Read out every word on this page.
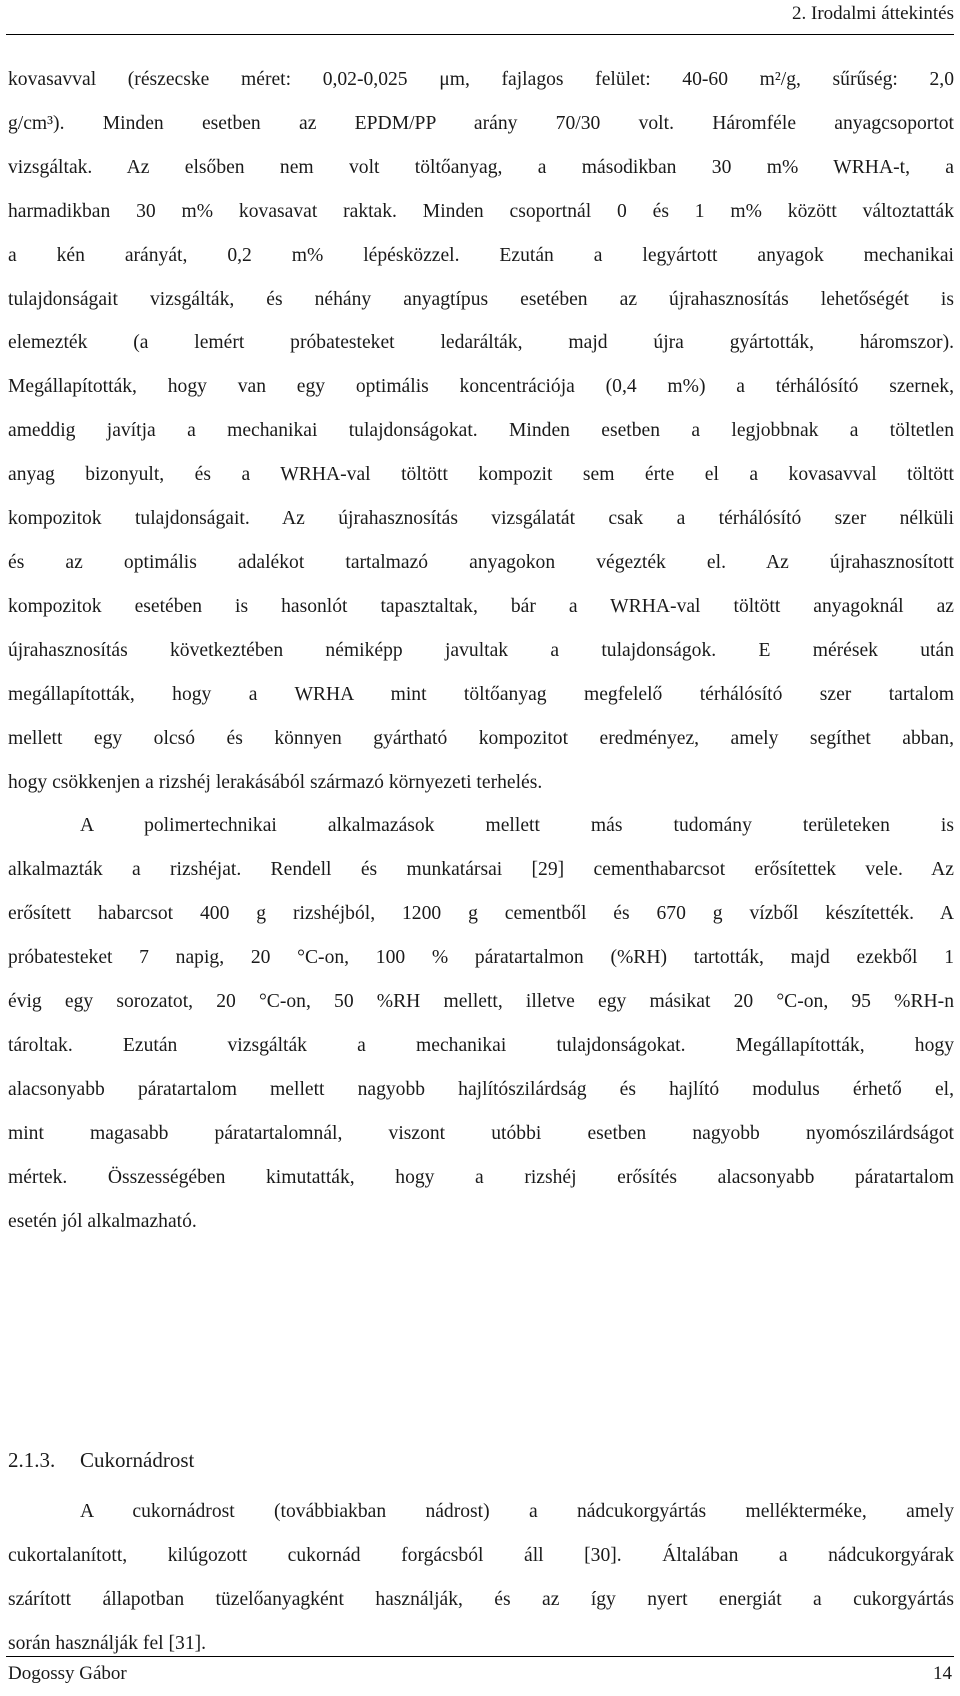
2. Irodalmi áttekintés

kovasavval (részecske méret: 0,02-0,025 μm, fajlagos felület: 40-60 m²/g, sűrűség: 2,0
g/cm³). Minden esetben az EPDM/PP arány 70/30 volt. Háromféle anyagcsoportot
vizsgáltak. Az elsőben nem volt töltőanyag, a másodikban 30 m% WRHA-t, a
harmadikban 30 m% kovasavat raktak. Minden csoportnál 0 és 1 m% között változtatták
a kén arányát, 0,2 m% lépésközzel. Ezután a legyártott anyagok mechanikai
tulajdonságait vizsgálták, és néhány anyagtípus esetében az újrahasznosítás lehetőségét is
elemezték (a lemért próbatesteket ledarálták, majd újra gyártották, háromszor).
Megállapították, hogy van egy optimális koncentrációja (0,4 m%) a térhálósító szernek,
ameddig javítja a mechanikai tulajdonságokat. Minden esetben a legjobbnak a töltetlen
anyag bizonyult, és a WRHA-val töltött kompozit sem érte el a kovasavval töltött
kompozitok tulajdonságait. Az újrahasznosítás vizsgálatát csak a térhálósító szer nélküli
és az optimális adalékot tartalmazó anyagokon végezték el. Az újrahasznosított
kompozitok esetében is hasonlót tapasztaltak, bár a WRHA-val töltött anyagoknál az
újrahasznosítás következtében némiképp javultak a tulajdonságok. E mérések után
megállapították, hogy a WRHA mint töltőanyag megfelelő térhálósító szer tartalom
mellett egy olcsó és könnyen gyártható kompozitot eredményez, amely segíthet abban,
hogy csökkenjen a rizshéj lerakásából származó környezeti terhelés.

A polimertechnikai alkalmazások mellett más tudomány területeken is
alkalmazták a rizshéjat. Rendell és munkatársai [29] cementhabarcsot erősítettek vele. Az
erősített habarcsot 400 g rizshéjból, 1200 g cementből és 670 g vízből készítették. A
próbatesteket 7 napig, 20 °C-on, 100 % páratartalmon (%RH) tartották, majd ezekből 1
évig egy sorozatot, 20 °C-on, 50 %RH mellett, illetve egy másikat 20 °C-on, 95 %RH-n
tároltak. Ezután vizsgálták a mechanikai tulajdonságokat. Megállapították, hogy
alacsonyabb páratartalom mellett nagyobb hajlítószilárdság és hajlító modulus érhető el,
mint magasabb páratartalomnál, viszont utóbbi esetben nagyobb nyomószilárdságot
mértek. Összességében kimutatták, hogy a rizshéj erősítés alacsonyabb páratartalom
esetén jól alkalmazható.

2.1.3. Cukornádrost

A cukornádrost (továbbiakban nádrost) a nádcukorgyártás mellékterméke, amely
cukortalanított, kilúgozott cukornád forgácsból áll [30]. Általában a nádcukorgyárak
szárított állapotban tüzelőanyagként használják, és az így nyert energiát a cukorgyártás
során használják fel [31].

Dogossy Gábor	14
